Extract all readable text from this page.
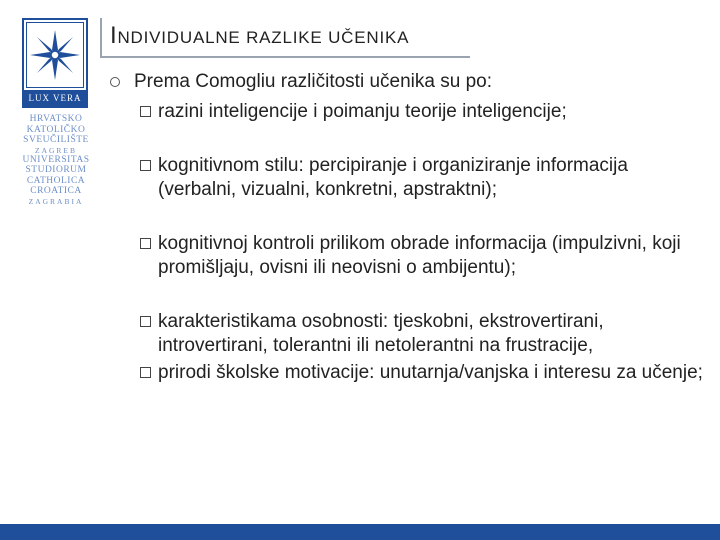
LUX VERA
HRVATSKO
KATOLIČKO
SVEUČILIŠTE
ZAGREB
UNIVERSITAS
STUDIORUM
CATHOLICA
CROATICA
ZAGRABIA
INDIVIDUALNE RAZLIKE UČENIKA
Prema Comogliu različitosti učenika su po:
razini inteligencije i poimanju teorije inteligencije;
kognitivnom stilu: percipiranje i organiziranje informacija (verbalni, vizualni, konkretni, apstraktni);
kognitivnoj kontroli prilikom obrade informacija (impulzivni, koji promišljaju, ovisni ili neovisni o ambijentu);
karakteristikama osobnosti: tjeskobni, ekstrovertirani, introvertirani, tolerantni ili netolerantni na frustracije,
prirodi školske motivacije: unutarnja/vanjska i interesu za učenje;
